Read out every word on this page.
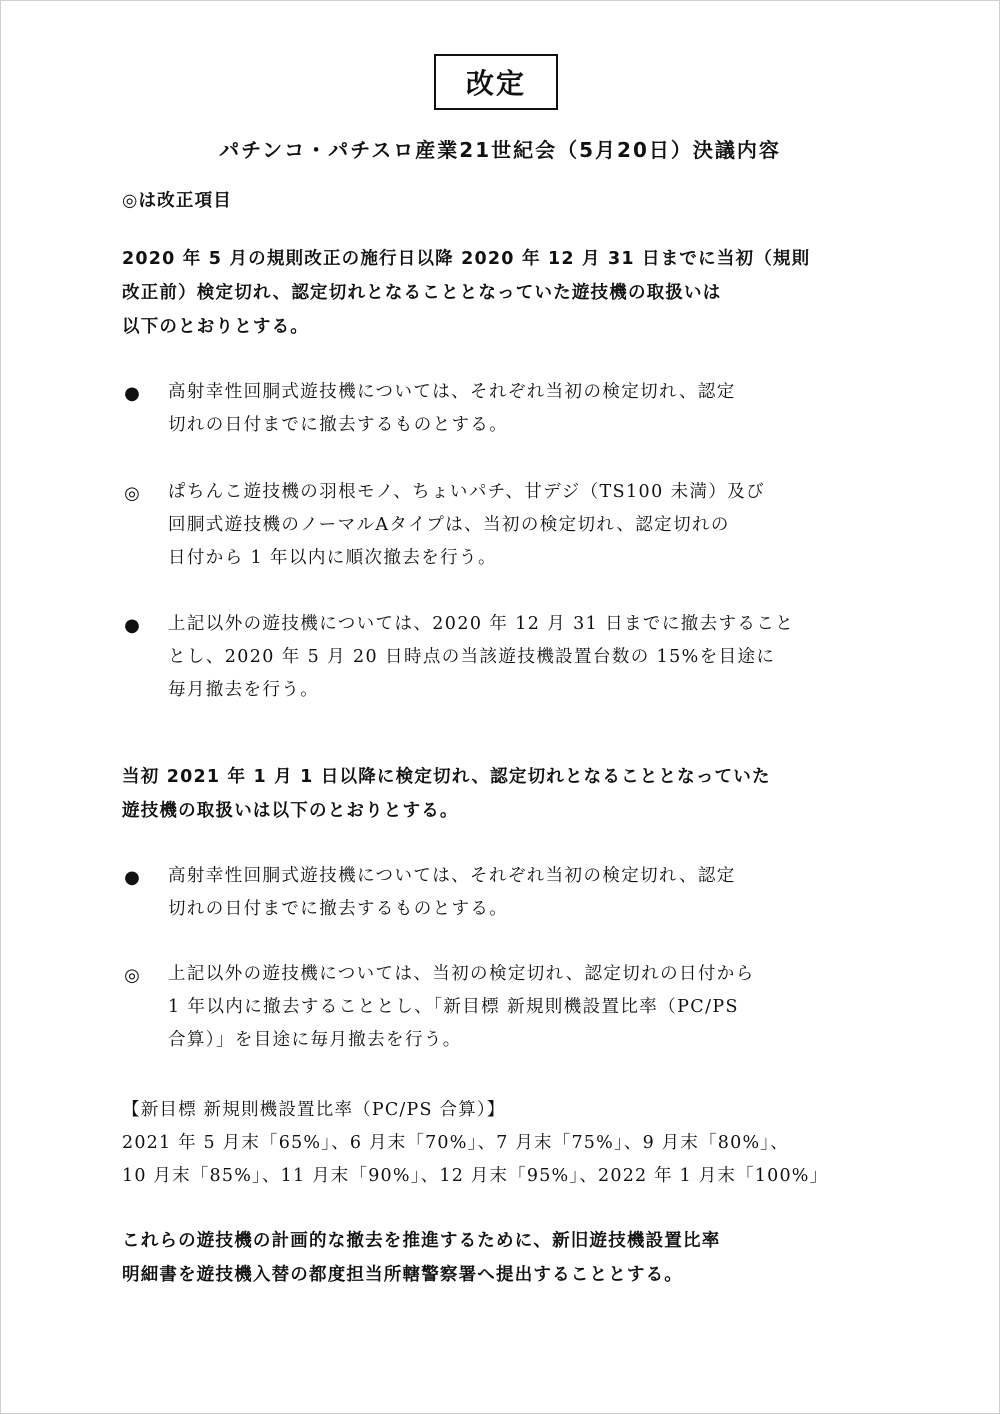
改定
パチンコ・パチスロ産業21世紀会（5月20日）決議内容
◎は改正項目
2020 年 5 月の規則改正の施行日以降 2020 年 12 月 31 日までに当初（規則
改正前）検定切れ、認定切れとなることとなっていた遊技機の取扱いは
以下のとおりとする。
● 高射幸性回胴式遊技機については、それぞれ当初の検定切れ、認定
切れの日付までに撤去するものとする。
◎ ぱちんこ遊技機の羽根モノ、ちょいパチ、甘デジ（TS100 未満）及び
回胴式遊技機のノーマルAタイプは、当初の検定切れ、認定切れの
日付から 1 年以内に順次撤去を行う。
● 上記以外の遊技機については、2020 年 12 月 31 日までに撤去すること
とし、2020 年 5 月 20 日時点の当該遊技機設置台数の 15%を目途に
毎月撤去を行う。
当初 2021 年 1 月 1 日以降に検定切れ、認定切れとなることとなっていた
遊技機の取扱いは以下のとおりとする。
● 高射幸性回胴式遊技機については、それぞれ当初の検定切れ、認定
切れの日付までに撤去するものとする。
◎ 上記以外の遊技機については、当初の検定切れ、認定切れの日付から
1 年以内に撤去することとし、「新目標 新規則機設置比率（PC/PS
合算）」を目途に毎月撤去を行う。
【新目標 新規則機設置比率（PC/PS 合算）】
2021 年 5 月末「65%」、6 月末「70%」、7 月末「75%」、9 月末「80%」、
10 月末「85%」、11 月末「90%」、12 月末「95%」、2022 年 1 月末「100%」
これらの遊技機の計画的な撤去を推進するために、新旧遊技機設置比率
明細書を遊技機入替の都度担当所轄警察署へ提出することとする。
